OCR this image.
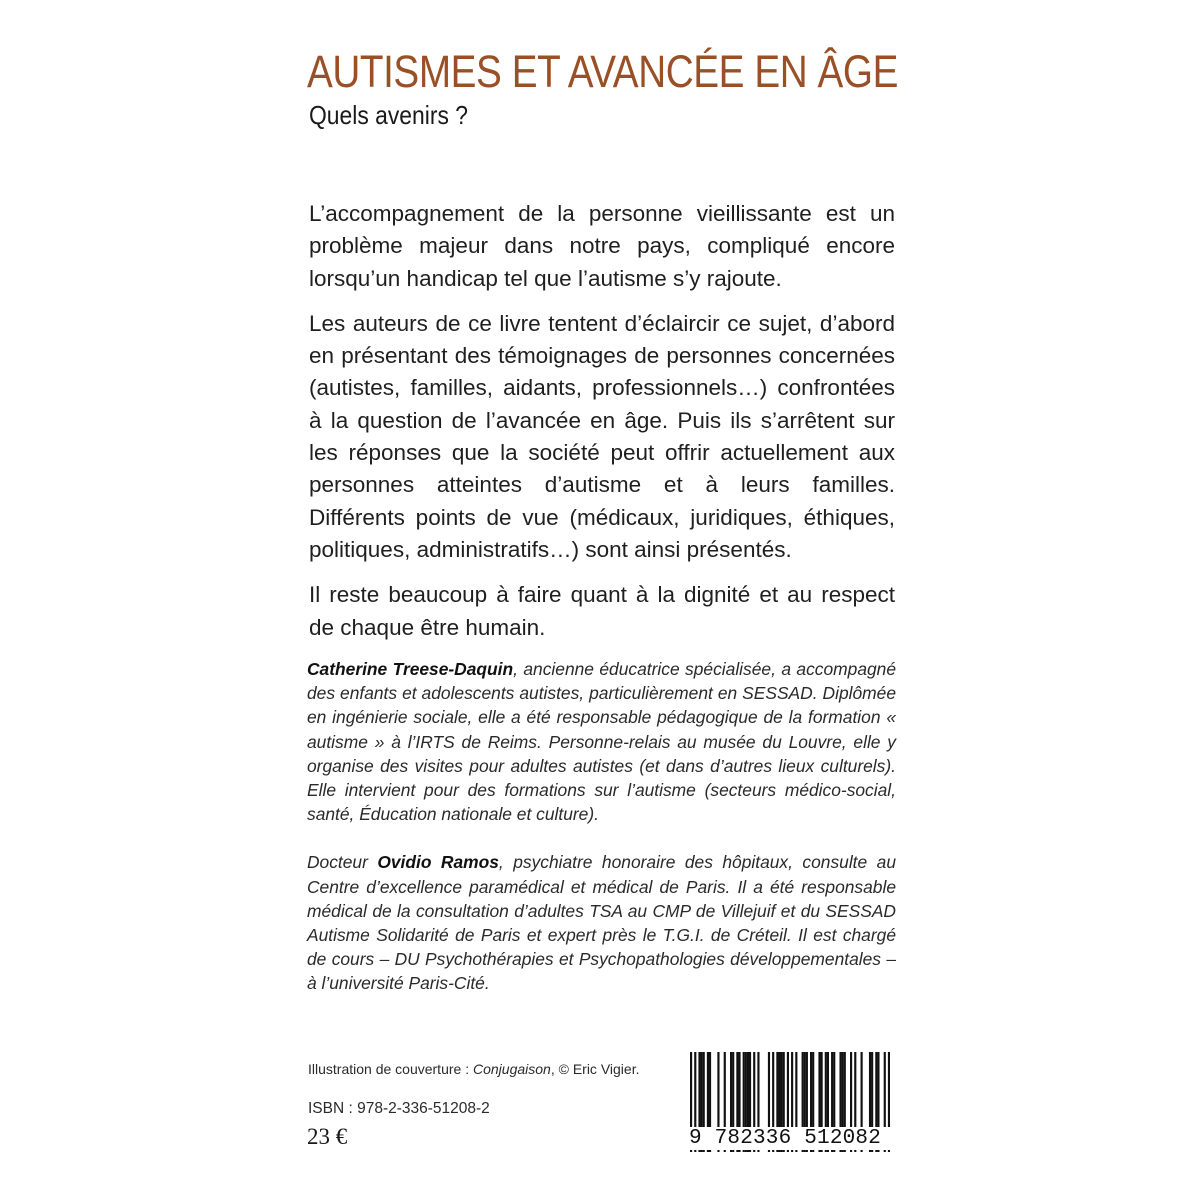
AUTISMES ET AVANCÉE EN ÂGE
Quels avenirs ?

L’accompagnement de la personne vieillissante est un problème majeur dans notre pays, compliqué encore lorsqu’un handicap tel que l’autisme s’y rajoute.

Les auteurs de ce livre tentent d’éclaircir ce sujet, d’abord en présentant des témoignages de personnes concernées (autistes, familles, aidants, professionnels…) confrontées à la question de l’avancée en âge. Puis ils s’arrêtent sur les réponses que la société peut offrir actuellement aux personnes atteintes d’autisme et à leurs familles. Différents points de vue (médicaux, juridiques, éthiques, politiques, administratifs…) sont ainsi présentés.

Il reste beaucoup à faire quant à la dignité et au respect de chaque être humain.

Catherine Treese-Daquin, ancienne éducatrice spécialisée, a accompagné des enfants et adolescents autistes, particulièrement en SESSAD. Diplômée en ingénierie sociale, elle a été responsable pédagogique de la formation « autisme » à l’IRTS de Reims. Personne-relais au musée du Louvre, elle y organise des visites pour adultes autistes (et dans d’autres lieux culturels). Elle intervient pour des formations sur l’autisme (secteurs médico-social, santé, Éducation nationale et culture).

Docteur Ovidio Ramos, psychiatre honoraire des hôpitaux, consulte au Centre d’excellence paramédical et médical de Paris. Il a été responsable médical de la consultation d’adultes TSA au CMP de Villejuif et du SESSAD Autisme Solidarité de Paris et expert près le T.G.I. de Créteil. Il est chargé de cours – DU Psychothérapies et Psychopathologies développementales – à l’université Paris-Cité.

Illustration de couverture : Conjugaison, © Eric Vigier.
ISBN : 978-2-336-51208-2
23 €	9 782336 512082
